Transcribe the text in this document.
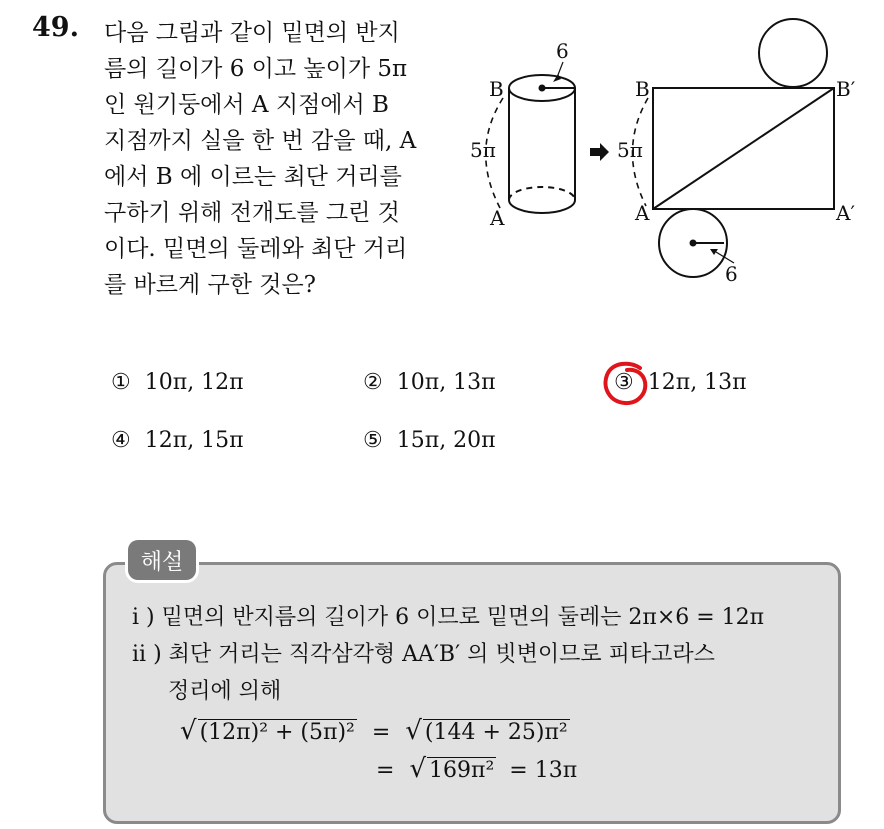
49. 다음 그림과 같이 밑면의 반지
름의 길이가 6 이고 높이가 5π
인 원기둥에서 A 지점에서 B
지점까지 실을 한 번 감을 때, A
에서 B 에 이르는 최단 거리를
구하기 위해 전개도를 그린 것
이다. 밑면의 둘레와 최단 거리
를 바르게 구한 것은?
6
5π
B
A
5π
B	B′
A	A′
6
① 10π, 12π	② 10π, 13π	③ 12π, 13π
④ 12π, 15π	⑤ 15π, 20π
해설
i ) 밑면의 반지름의 길이가 6 이므로 밑면의 둘레는 2π×6 = 12π
ii ) 최단 거리는 직각삼각형 AA′B′ 의 빗변이므로 피타고라스
정리에 의해
√ (12π)² + (5π)² = √ (144 + 25)π²
= √ 169π² = 13π
